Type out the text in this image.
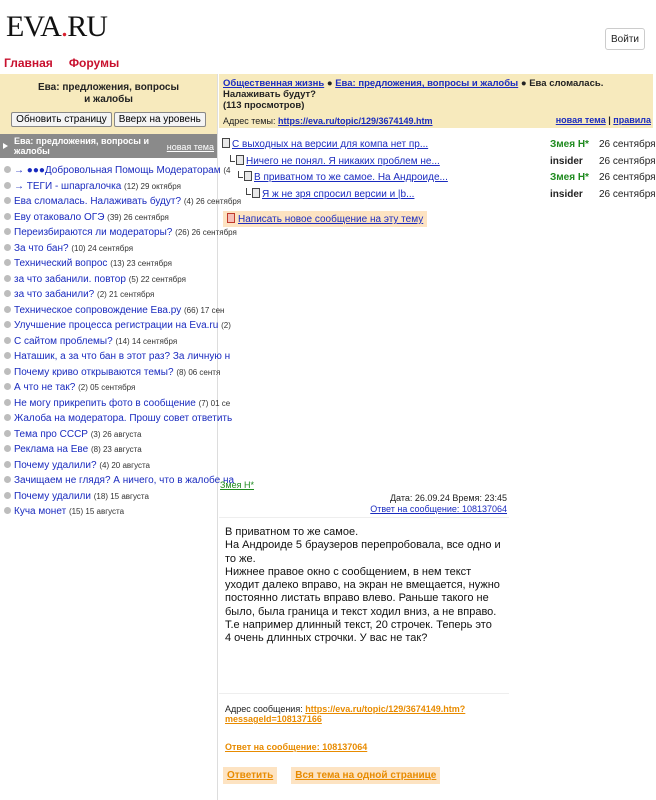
EVA.RU
Главная Форумы
Войти
Ева: предложения, вопросы
и жалобы
Обновить страницу Вверх на уровень
Ева: предложения, вопросы и жалобы	новая тема
→ ●●●Добровольная Помощь Модераторам (4
→ ТЕГИ - шпаргалочка (12) 29 октября
Ева сломалась. Налаживать будут? (4) 26 сентября
Еву отаковало ОГЭ (39) 26 сентября
Переизбираются ли модераторы? (26) 26 сентября
За что бан? (10) 24 сентября
Технический вопрос (13) 23 сентября
за что забанили. повтор (5) 22 сентября
за что забанили? (2) 21 сентября
Техническое сопровождение Ева.ру (66) 17 сен
Улучшение процесса регистрации на Eva.ru (2)
С сайтом проблемы? (14) 14 сентября
Наташик, а за что бан в этот раз? За личную н
Почему криво открываются темы? (8) 06 сентя
А что не так? (2) 05 сентября
Не могу прикрепить фото в сообщение (7) 01 се
Жалоба на модератора. Прошу совет ответить
Тема про СССР (3) 26 августа
Реклама на Еве (8) 23 августа
Почему удалили? (4) 20 августа
Зачищаем не глядя? А ничего, что в жалобе на
Почему удалили (18) 15 августа
Куча монет (15) 15 августа
Общественная жизнь ● Ева: предложения, вопросы и жалобы ● Ева сломалась. Налаживать будут?
(113 просмотров)
Адрес темы: https://eva.ru/topic/129/3674149.htm	новая тема | правила
С выходных на версии для компа нет пр...	Змея Н* 26 сентября
Ничего не понял. Я никаких проблем не...	insider 26 сентября
В приватном то же самое. На Андроиде...	Змея Н* 26 сентября
Я ж не зря спросил версии и |b...	insider 26 сентября
Написать новое сообщение на эту тему
Змея Н*
Дата: 26.09.24 Время: 23:45
Ответ на сообщение: 108137064
В приватном то же самое.
На Андроиде 5 браузеров перепробовала, все одно и
то же.
Нижнее правое окно с сообщением, в нем текст
уходит далеко вправо, на экран не вмещается, нужно
постоянно листать вправо влево. Раньше такого не
было, была граница и текст ходил вниз, а не вправо.
Т.е например длинный текст, 20 строчек. Теперь это
4 очень длинных строчки. У вас не так?
Адрес сообщения: https://eva.ru/topic/129/3674149.htm?
messageId=108137166
Ответ на сообщение: 108137064
Ответить Вся тема на одной странице
